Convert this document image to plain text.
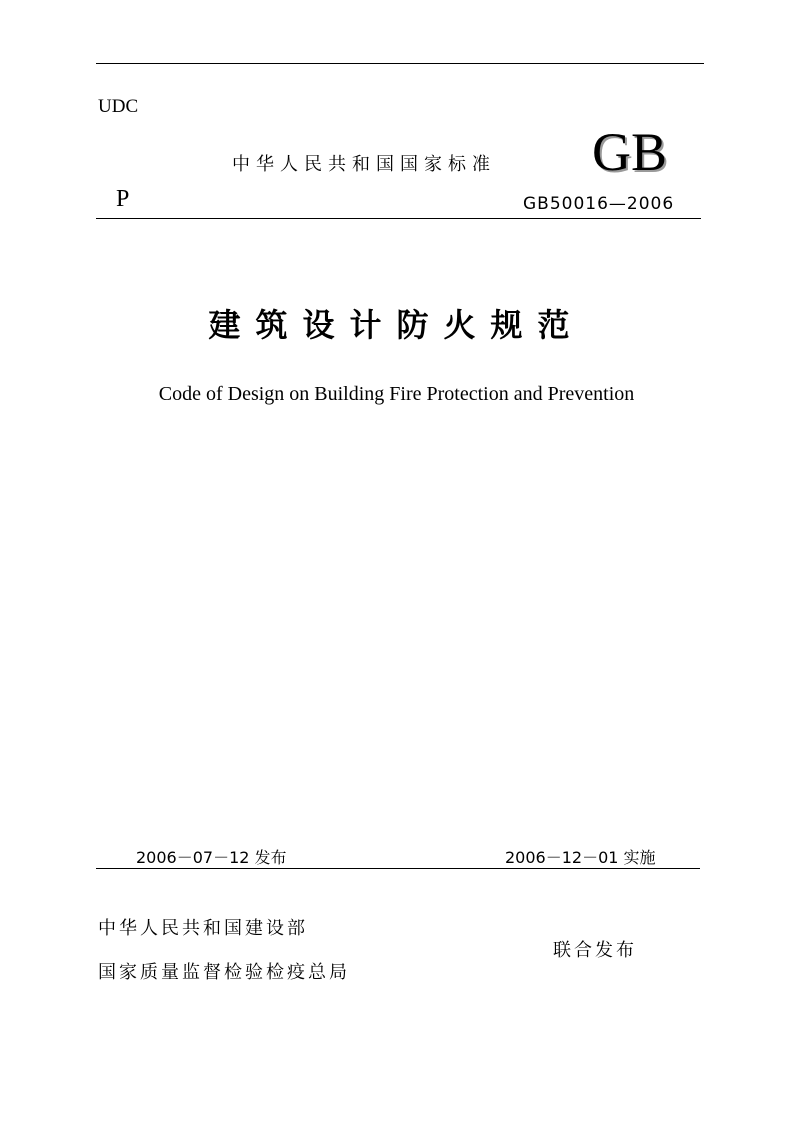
UDC
中华人民共和国国家标准 GB
P	GB50016—2006
建筑设计防火规范
Code of Design on Building Fire Protection and Prevention
2006－07－12 发布	2006－12－01 实施
中华人民共和国建设部
国家质量监督检验检疫总局
联合发布
